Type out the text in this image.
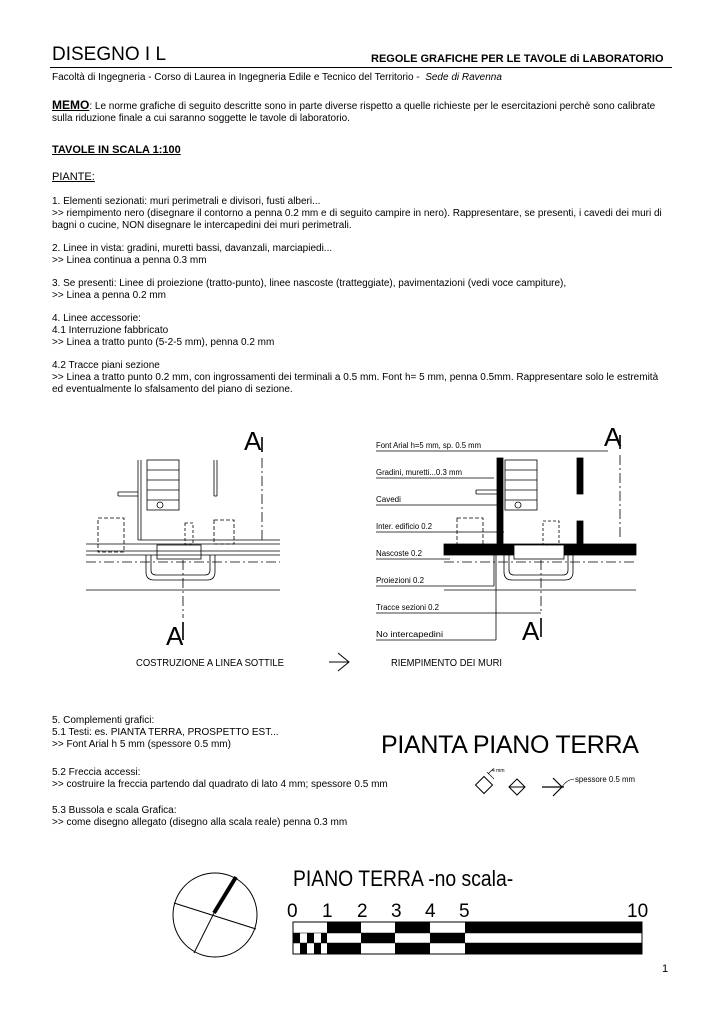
DISEGNO I L	REGOLE GRAFICHE PER LE TAVOLE di LABORATORIO
Facoltà di Ingegneria - Corso di Laurea in Ingegneria Edile e Tecnico del Territorio - Sede di Ravenna
MEMO: Le norme grafiche di seguito descritte sono in parte diverse rispetto a quelle richieste per le esercitazioni perchè sono calibrate sulla riduzione finale a cui saranno soggette le tavole di laboratorio.
TAVOLE IN SCALA 1:100
PIANTE:
1. Elementi sezionati: muri perimetrali e divisori, fusti alberi...
>> riempimento nero (disegnare il contorno a penna 0.2 mm e di seguito campire in nero). Rappresentare, se presenti, i cavedi dei muri di bagni o cucine, NON disegnare le intercapedini dei muri perimetrali.
2. Linee in vista: gradini, muretti bassi, davanzali, marciapiedi...
>> Linea continua a penna 0.3 mm
3. Se presenti: Linee di proiezione (tratto-punto), linee nascoste (tratteggiate), pavimentazioni (vedi voce campiture),
>> Linea a penna 0.2 mm
4. Linee accessorie:
4.1 Interruzione fabbricato
>> Linea a tratto punto (5-2-5 mm), penna 0.2 mm
4.2 Tracce piani sezione
>> Linea a tratto punto 0.2 mm, con ingrossamenti dei terminali a 0.5 mm. Font h= 5 mm, penna 0.5mm. Rappresentare solo le estremità ed eventualmente lo sfalsamento del piano di sezione.
A
A
COSTRUZIONE A LINEA SOTTILE	RIEMPIMENTO DEI MURI
A
A
Font Arial h=5 mm, sp. 0.5 mm
Gradini, muretti...0.3 mm
Cavedi
Inter. edificio 0.2
Nascoste 0.2
Proiezioni 0.2
Tracce sezioni 0.2
No intercapedini
4 mm
spessore 0.5 mm
0 1 2 3 4 5	10
5. Complementi grafici:
5.1 Testi: es. PIANTA TERRA, PROSPETTO EST...
>> Font Arial h 5 mm (spessore 0.5 mm)
5.2 Freccia accessi:
>> costruire la freccia partendo dal quadrato di lato 4 mm; spessore 0.5 mm
5.3 Bussola e scala Grafica:
>> come disegno allegato (disegno alla scala reale) penna 0.3 mm
PIANTA PIANO TERRA
PIANO TERRA -no scala-
1
